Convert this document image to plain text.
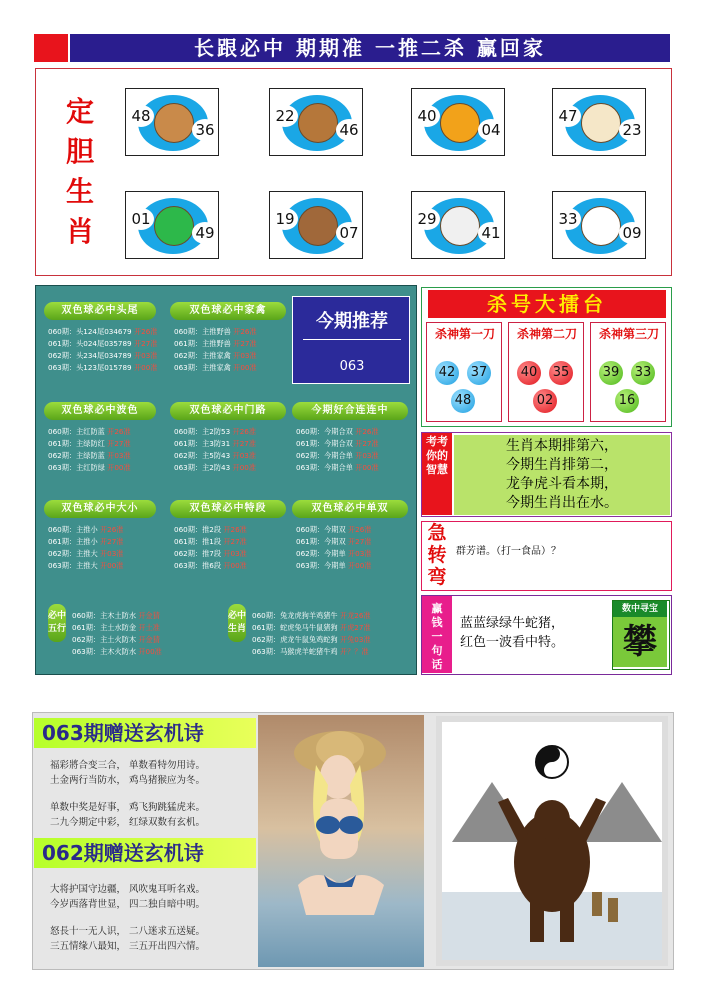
长跟必中 期期准 一推二杀 赢回家
定胆生肖
48
36
22
46
40
04
47
23
01
49
19
07
29
41
33
09
双色球必中头尾
060期：头124尾034679 开26准
061期：头024尾035789 开27准
062期：头234尾034789 开03准
063期：头123尾015789 开00准
双色球必中家禽
060期：主推野兽 开26准
061期：主推野兽 开27准
062期：主推家禽 开03准
063期：主推家禽 开00准
双色球必中波色
060期：主红防蓝 开26准
061期：主绿防红 开27准
062期：主绿防蓝 开03准
063期：主红防绿 开00准
双色球必中门路
060期：主2防53 开26准
061期：主3防31 开27准
062期：主5防43 开03准
063期：主2防43 开00准
今期好合连连中
060期：今期合双 开26准
061期：今期合双 开27准
062期：今期合单 开03准
063期：今期合单 开00准
双色球必中大小
060期：主推小 开26准
061期：主推小 开27准
062期：主推大 开03准
063期：主推大 开00准
双色球必中特段
060期：推2段 开26准
061期：推1段 开27准
062期：推7段 开03准
063期：推6段 开00准
双色球必中单双
060期：今期双 开26准
061期：今期双 开27准
062期：今期单 开03准
063期：今期单 开00准
必中五行
060期：主木土防水 开金猜
061期：主土水防金 开土准
062期：主土火防木 开金猜
063期：主木火防水 开00准
必中生肖
060期：兔龙虎狗羊鸡猪牛 开龙26准
061期：蛇虎兔马牛鼠猪狗 开虎27准
062期：虎龙牛鼠兔鸡蛇狗 开兔03准
063期：马猴虎羊蛇猪牛鸡 开？？准
今期推荐
063
杀号大擂台
杀神第一刀
42 37
48
杀神第二刀
40 35
02
杀神第三刀
39 33
16
考考你的智慧
生肖本期排第六，
今期生肖排第二，
龙争虎斗看本期，
今期生肖出在水。
急
转
弯
群芳谱。（打一食品）？
赢
钱
一
句
话
蓝蓝绿绿牛蛇猪，
红色一波看中特。
数中寻宝
攀
063期赠送玄机诗
福彩將合变三合， 单数看特勿用诗。
土金两行当防水， 鸡鸟猪猴应为冬。
单数中奖是好事， 鸡飞狗跳猛虎来。
二九今期定中彩， 红绿双数有玄机。
062期赠送玄机诗
大将护国守边疆， 风吹鬼耳听名戏。
今岁西落背世显， 四二独自暗中明。
怒長十一无人识， 二八迷求五送疑。
三五情缘八最知， 三五开出四六情。
